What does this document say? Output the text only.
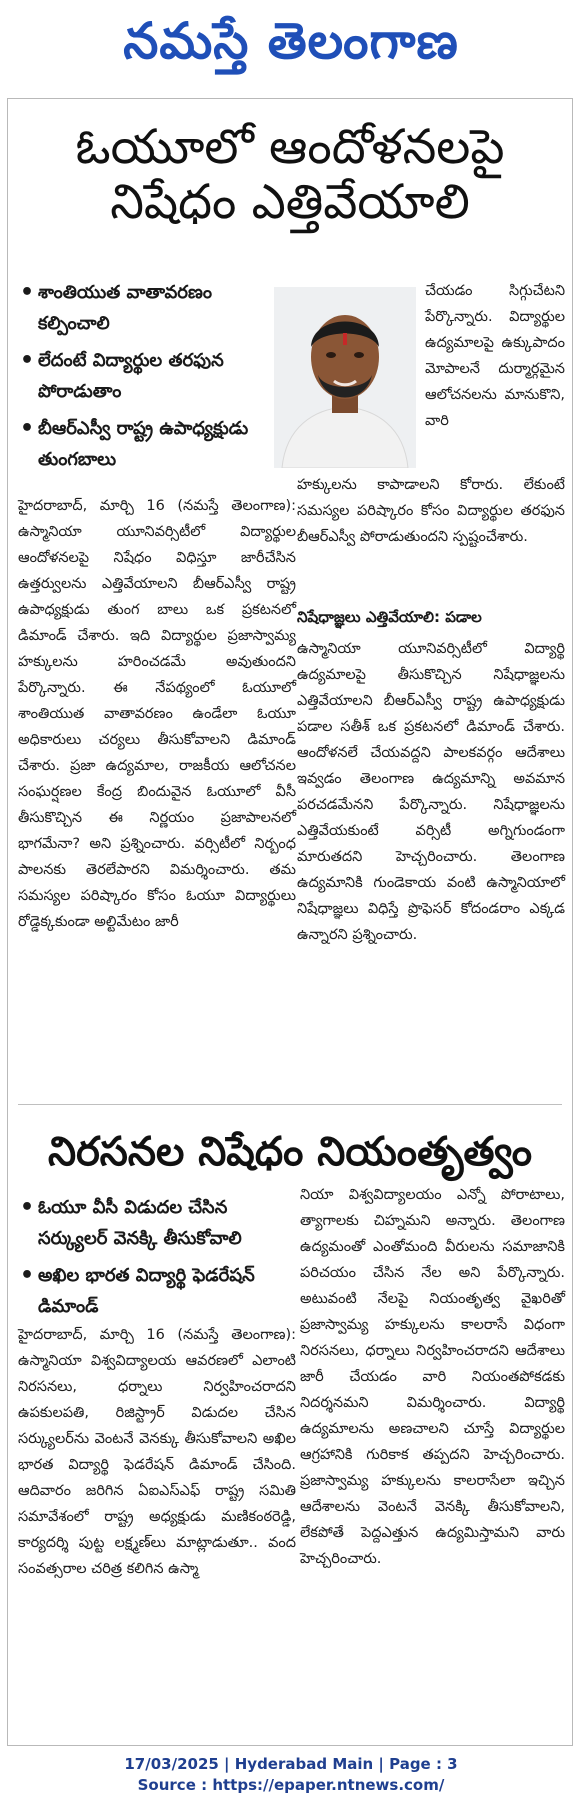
నమస్తే తెలంగాణ
ఓయూలో ఆందోళనలపై
నిషేధం ఎత్తివేయాలి
• శాంతియుత వాతావరణం కల్పించాలి
• లేదంటే విద్యార్థుల తరఫున పోరాడుతాం
• బీఆర్‌ఎస్వీ రాష్ట్ర ఉపాధ్యక్షుడు తుంగబాలు

హైదరాబాద్, మార్చి 16 (నమస్తే తెలంగాణ): ఉస్మానియా యూనివర్సిటీలో విద్యార్థుల ఆందోళనలపై నిషేధం విధిస్తూ జారీచేసిన ఉత్తర్వులను ఎత్తివేయాలని బీఆర్‌ఎస్వీ రాష్ట్ర ఉపాధ్యక్షుడు తుంగ బాలు ఒక ప్రకటనలో డిమాండ్ చేశారు. ఇది విద్యార్థుల ప్రజాస్వామ్య హక్కులను హరించడమే అవుతుందని పేర్కొన్నారు. ఈ నేపథ్యంలో ఓయూలో శాంతియుత వాతావరణం ఉండేలా ఓయూ అధికారులు చర్యలు తీసుకోవాలని డిమాండ్ చేశారు. ప్రజా ఉద్యమాల, రాజకీయ ఆలోచనల సంఘర్షణల కేంద్ర బిందువైన ఓయూలో వీసీ తీసుకొచ్చిన ఈ నిర్ణయం ప్రజాపాలనలో భాగమేనా? అని ప్రశ్నించారు. వర్సిటీలో నిర్బంధ పాలనకు తెరలేపారని విమర్శించారు. తమ సమస్యల పరిష్కారం కోసం ఓయూ విద్యార్థులు రోడ్డెక్కకుండా అల్టిమేటం జారీ

చేయడం సిగ్గుచేటని పేర్కొన్నారు. విద్యార్థుల ఉద్యమాలపై ఉక్కుపాదం మోపాలనే దుర్మార్గమైన ఆలోచనలను మానుకొని, వారి

హక్కులను కాపాడాలని కోరారు. లేకుంటే సమస్యల పరిష్కారం కోసం విద్యార్థుల తరఫున బీఆర్‌ఎస్వీ పోరాడుతుందని స్పష్టంచేశారు.

నిషేధాజ్ఞలు ఎత్తివేయాలి: పడాల

ఉస్మానియా యూనివర్సిటీలో విద్యార్థి ఉద్యమాలపై తీసుకొచ్చిన నిషేధాజ్ఞలను ఎత్తివేయాలని బీఆర్‌ఎస్వీ రాష్ట్ర ఉపాధ్యక్షుడు పడాల సతీశ్ ఒక ప్రకటనలో డిమాండ్ చేశారు. ఆందోళనలే చేయవద్దని పాలకవర్గం ఆదేశాలు ఇవ్వడం తెలంగాణ ఉద్యమాన్ని అవమాన పరచడమేనని పేర్కొన్నారు. నిషేధాజ్ఞలను ఎత్తివేయకుంటే వర్సిటీ అగ్నిగుండంగా మారుతదని హెచ్చరించారు. తెలంగాణ ఉద్యమానికి గుండెకాయ వంటి ఉస్మానియాలో నిషేధాజ్ఞలు విధిస్తే ప్రొఫెసర్ కోదండరాం ఎక్కడ ఉన్నారని ప్రశ్నించారు.

నిరసనల నిషేధం నియంతృత్వం
• ఓయూ వీసీ విడుదల చేసిన సర్క్యులర్ వెనక్కి తీసుకోవాలి
• అఖిల భారత విద్యార్థి ఫెడరేషన్ డిమాండ్

హైదరాబాద్, మార్చి 16 (నమస్తే తెలంగాణ): ఉస్మానియా విశ్వవిద్యాలయ ఆవరణలో ఎలాంటి నిరసనలు, ధర్నాలు నిర్వహించరాదని ఉపకులపతి, రిజిస్ట్రార్ విడుదల చేసిన సర్క్యులర్‌ను వెంటనే వెనక్కు తీసుకోవాలని అఖిల భారత విద్యార్థి ఫెడరేషన్ డిమాండ్ చేసింది. ఆదివారం జరిగిన ఏఐఎస్‌ఎఫ్ రాష్ట్ర సమితి సమావేశంలో రాష్ట్ర అధ్యక్షుడు మణికంఠరెడ్డి, కార్యదర్శి పుట్ట లక్ష్మణ్‌లు మాట్లాడుతూ.. వంద సంవత్సరాల చరిత్ర కలిగిన ఉస్మా

నియా విశ్వవిద్యాలయం ఎన్నో పోరాటాలు, త్యాగాలకు చిహ్నమని అన్నారు. తెలంగాణ ఉద్యమంతో ఎంతోమంది వీరులను సమాజానికి పరిచయం చేసిన నేల అని పేర్కొన్నారు. అటువంటి నేలపై నియంతృత్వ వైఖరితో ప్రజాస్వామ్య హక్కులను కాలరాసే విధంగా నిరసనలు, ధర్నాలు నిర్వహించరాదని ఆదేశాలు జారీ చేయడం వారి నియంతపోకడకు నిదర్శనమని విమర్శించారు. విద్యార్థి ఉద్యమాలను అణచాలని చూస్తే విద్యార్థుల ఆగ్రహానికి గురికాక తప్పదని హెచ్చరించారు. ప్రజాస్వామ్య హక్కులను కాలరాసేలా ఇచ్చిన ఆదేశాలను వెంటనే వెనక్కి తీసుకోవాలని, లేకపోతే పెద్దఎత్తున ఉద్యమిస్తామని వారు హెచ్చరించారు.

17/03/2025 | Hyderabad Main | Page : 3
Source : https://epaper.ntnews.com/
